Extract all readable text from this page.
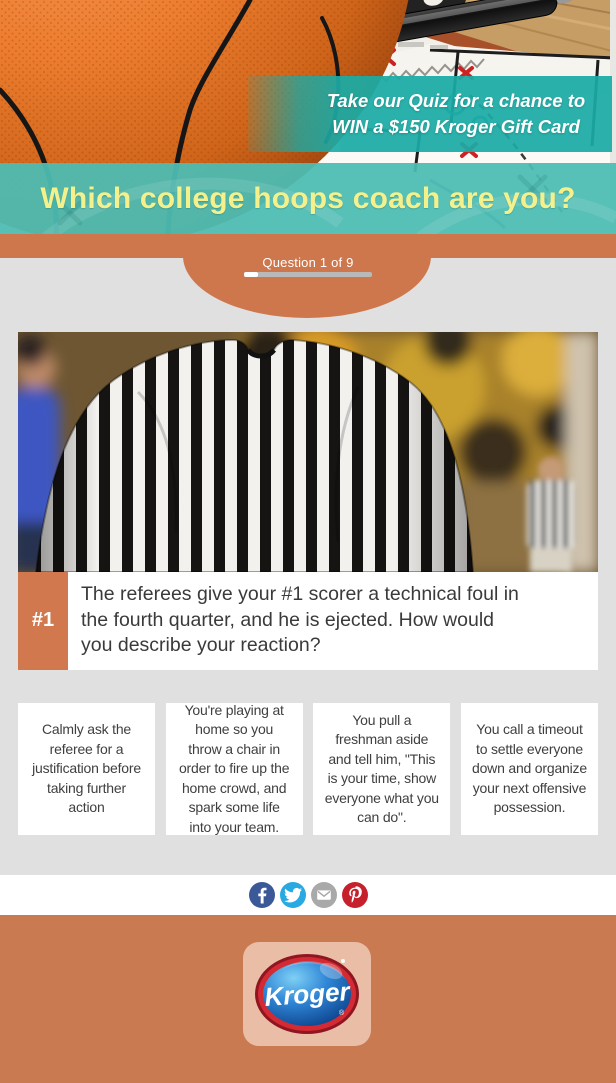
Take our Quiz for a chance to
WIN a $150 Kroger Gift Card
Which college hoops coach are you?
Question 1 of 9
#1
The referees give your #1 scorer a technical foul in
the fourth quarter, and he is ejected. How would
you describe your reaction?
Calmly ask the
referee for a
justification before
taking further
action
You're playing at
home so you
throw a chair in
order to fire up the
home crowd, and
spark some life
into your team.
You pull a
freshman aside
and tell him, "This
is your time, show
everyone what you
can do".
You call a timeout
to settle everyone
down and organize
your next offensive
possession.
Kroger
®
